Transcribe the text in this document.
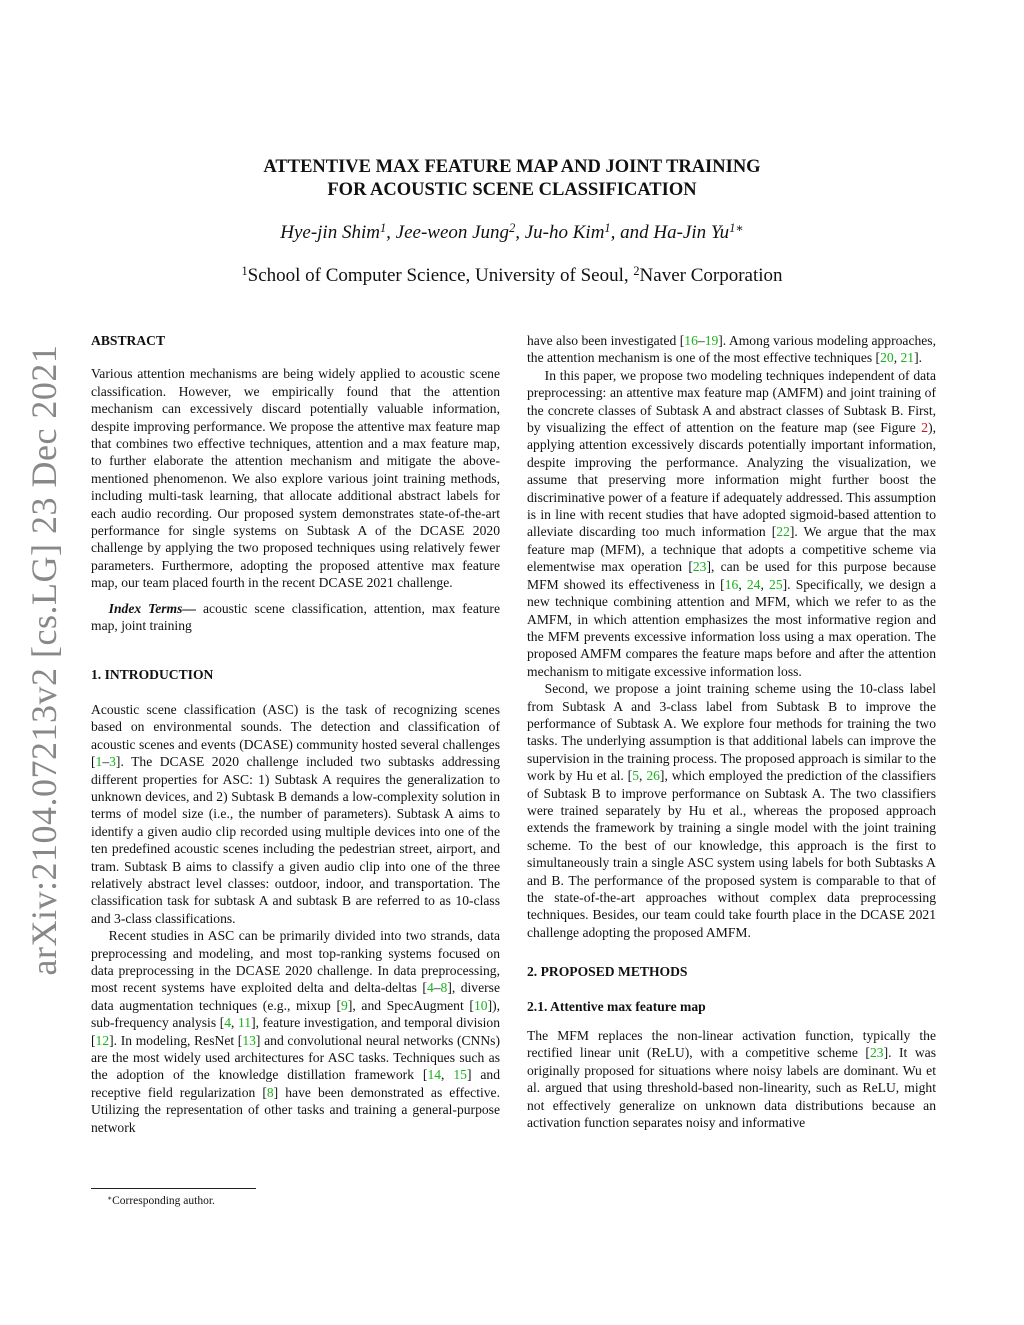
arXiv:2104.07213v2 [cs.LG] 23 Dec 2021
ATTENTIVE MAX FEATURE MAP AND JOINT TRAINING
FOR ACOUSTIC SCENE CLASSIFICATION
Hye-jin Shim$^1$, Jee-weon Jung$^2$, Ju-ho Kim$^1$, and Ha-Jin $Yu^{1∗}$
$^1$School of Computer Science, University of Seoul, $^2$Naver Corporation

ABSTRACT

Various attention mechanisms are being widely applied to acoustic scene classification. However, we empirically found that the attention mechanism can excessively discard potentially valuable information, despite improving performance. We propose the attentive max feature map that combines two effective techniques, attention and a max feature map, to further elaborate the attention mechanism and mitigate the above-mentioned phenomenon. We also explore various joint training methods, including multi-task learning, that allocate additional abstract labels for each audio recording. Our proposed system demonstrates state-of-the-art performance for single systems on Subtask A of the DCASE 2020 challenge by applying the two proposed techniques using relatively fewer parameters. Furthermore, adopting the proposed attentive max feature map, our team placed fourth in the recent DCASE 2021 challenge.

Index Terms— acoustic scene classification, attention, max feature map, joint training

1. INTRODUCTION

Acoustic scene classification (ASC) is the task of recognizing scenes based on environmental sounds. The detection and classification of acoustic scenes and events (DCASE) community hosted several challenges [1–3]. The DCASE 2020 challenge included two subtasks addressing different properties for ASC: 1) Subtask A requires the generalization to unknown devices, and 2) Subtask B demands a low-complexity solution in terms of model size (i.e., the number of parameters). Subtask A aims to identify a given audio clip recorded using multiple devices into one of the ten predefined acoustic scenes including the pedestrian street, airport, and tram. Subtask B aims to classify a given audio clip into one of the three relatively abstract level classes: outdoor, indoor, and transportation. The classification task for subtask A and subtask B are referred to as 10-class and 3-class classifications.

Recent studies in ASC can be primarily divided into two strands, data preprocessing and modeling, and most top-ranking systems focused on data preprocessing in the DCASE 2020 challenge. In data preprocessing, most recent systems have exploited delta and delta-deltas [4–8], diverse data augmentation techniques (e.g., mixup [9], and SpecAugment [10]), sub-frequency analysis [4, 11], feature investigation, and temporal division [12]. In modeling, ResNet [13] and convolutional neural networks (CNNs) are the most widely used architectures for ASC tasks. Techniques such as the adoption of the knowledge distillation framework [14, 15] and receptive field regularization [8] have been demonstrated as effective. Utilizing the representation of other tasks and training a general-purpose network

have also been investigated [16–19]. Among various modeling approaches, the attention mechanism is one of the most effective techniques [20, 21].

In this paper, we propose two modeling techniques independent of data preprocessing: an attentive max feature map (AMFM) and joint training of the concrete classes of Subtask A and abstract classes of Subtask B. First, by visualizing the effect of attention on the feature map (see Figure 2), applying attention excessively discards potentially important information, despite improving the performance. Analyzing the visualization, we assume that preserving more information might further boost the discriminative power of a feature if adequately addressed. This assumption is in line with recent studies that have adopted sigmoid-based attention to alleviate discarding too much information [22]. We argue that the max feature map (MFM), a technique that adopts a competitive scheme via elementwise max operation [23], can be used for this purpose because MFM showed its effectiveness in [16, 24, 25]. Specifically, we design a new technique combining attention and MFM, which we refer to as the AMFM, in which attention emphasizes the most informative region and the MFM prevents excessive information loss using a max operation. The proposed AMFM compares the feature maps before and after the attention mechanism to mitigate excessive information loss.

Second, we propose a joint training scheme using the 10-class label from Subtask A and 3-class label from Subtask B to improve the performance of Subtask A. We explore four methods for training the two tasks. The underlying assumption is that additional labels can improve the supervision in the training process. The proposed approach is similar to the work by Hu et al. [5, 26], which employed the prediction of the classifiers of Subtask B to improve performance on Subtask A. The two classifiers were trained separately by Hu et al., whereas the proposed approach extends the framework by training a single model with the joint training scheme. To the best of our knowledge, this approach is the first to simultaneously train a single ASC system using labels for both Subtasks A and B. The performance of the proposed system is comparable to that of the state-of-the-art approaches without complex data preprocessing techniques. Besides, our team could take fourth place in the DCASE 2021 challenge adopting the proposed AMFM.

2. PROPOSED METHODS

2.1. Attentive max feature map

The MFM replaces the non-linear activation function, typically the rectified linear unit (ReLU), with a competitive scheme [23]. It was originally proposed for situations where noisy labels are dominant. Wu et al. argued that using threshold-based non-linearity, such as ReLU, might not effectively generalize on unknown data distributions because an activation function separates noisy and informative

∗Corresponding author.
